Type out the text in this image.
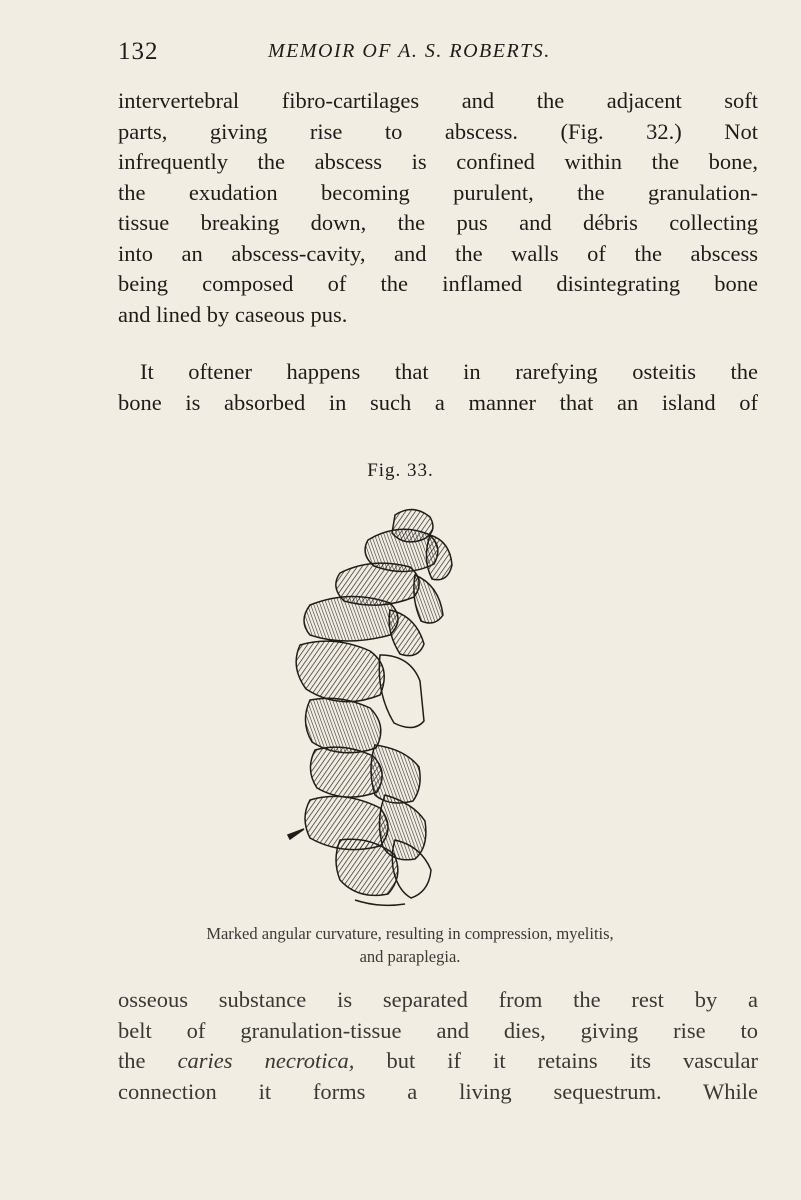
132	MEMOIR OF A. S. ROBERTS.

intervertebral fibro-cartilages and the adjacent soft

parts, giving rise to abscess. (Fig. 32.) Not

infrequently the abscess is confined within the bone,

the exudation becoming purulent, the granulation-

tissue breaking down, the pus and débris collecting

into an abscess-cavity, and the walls of the abscess

being composed of the inflamed disintegrating bone

and lined by caseous pus.

It oftener happens that in rarefying osteitis the

bone is absorbed in such a manner that an island of

Fig. 33.
Marked angular curvature, resulting in compression, myelitis,
and paraplegia.

osseous substance is separated from the rest by a

belt of granulation-tissue and dies, giving rise to

the caries necrotica, but if it retains its vascular

connection it forms a living sequestrum. While
